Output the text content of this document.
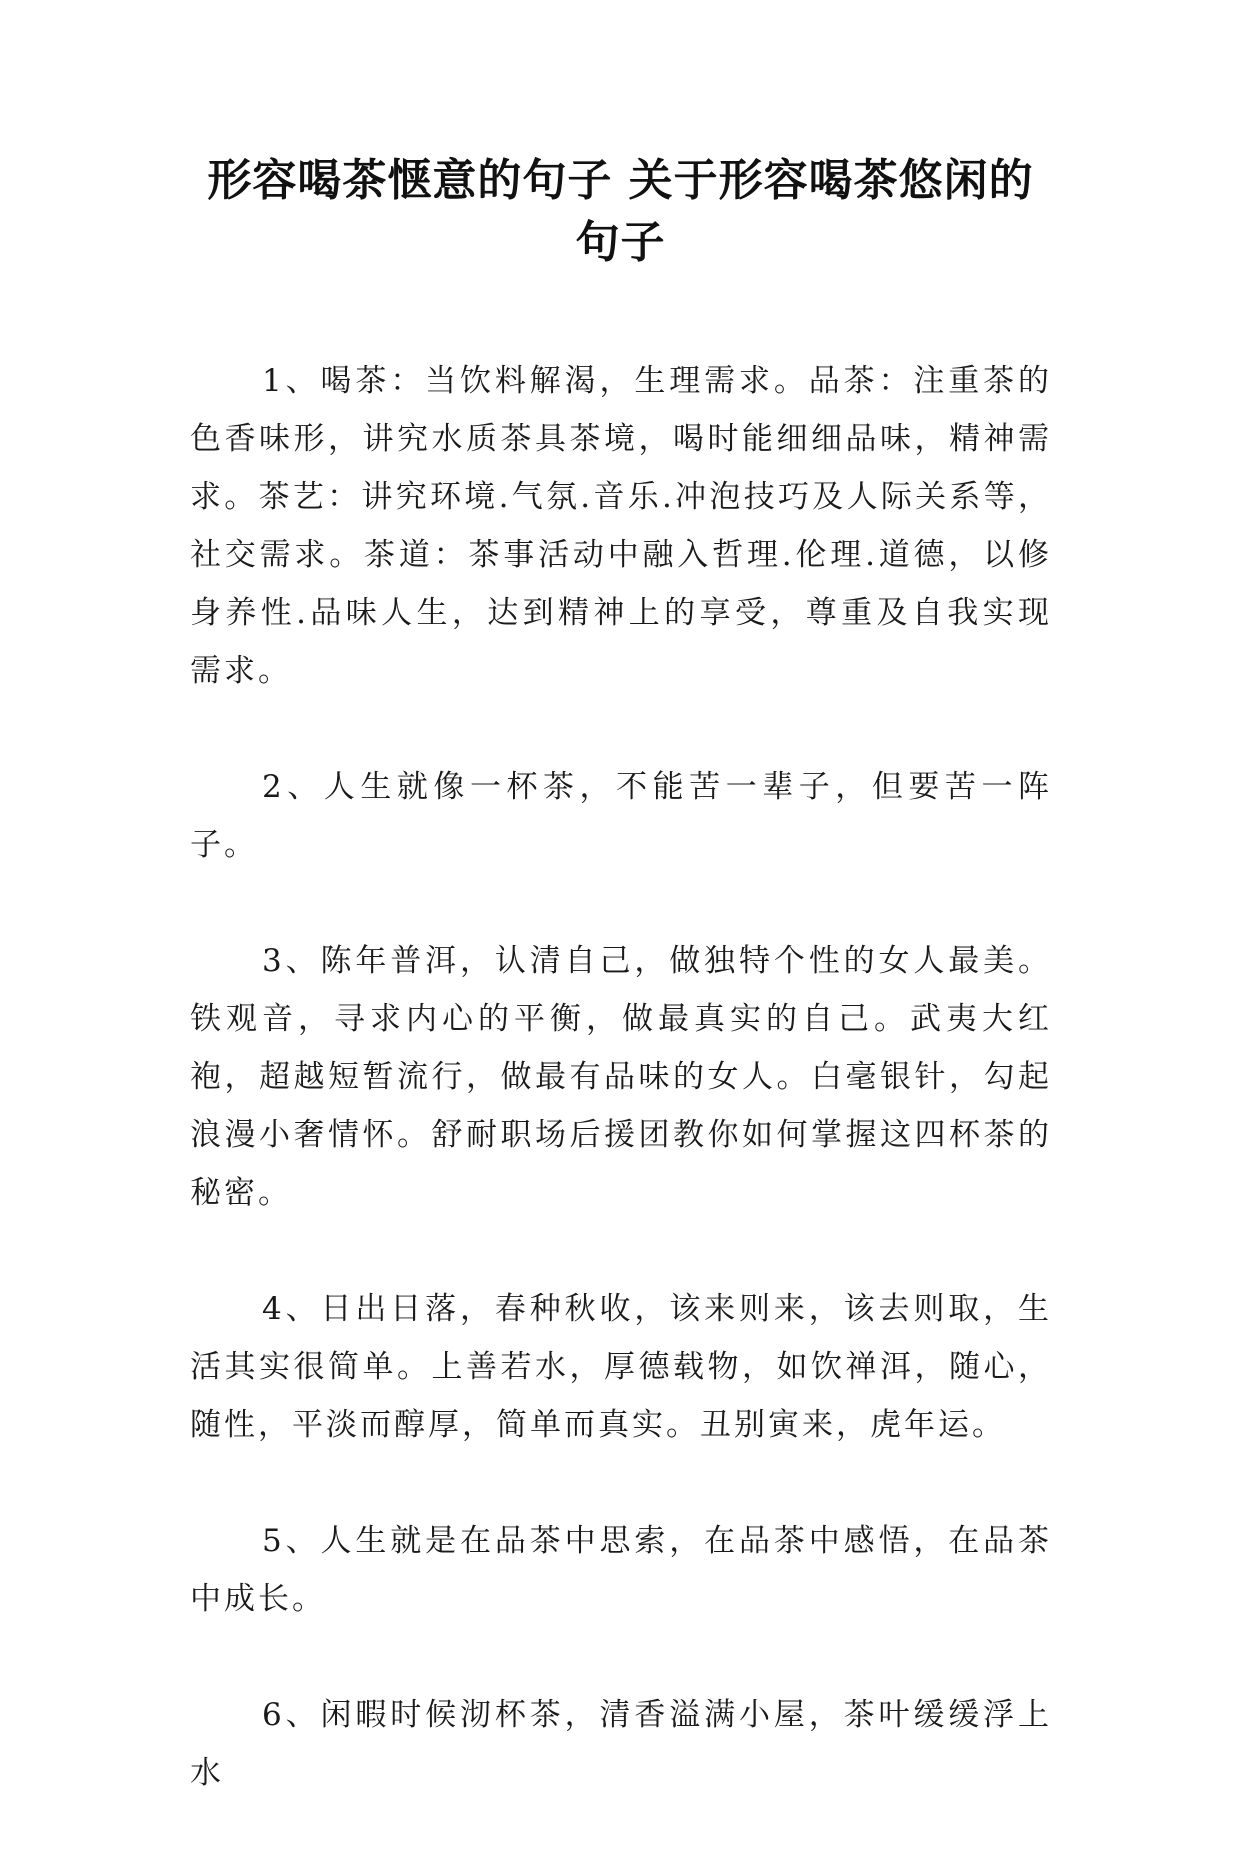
形容喝茶惬意的句子 关于形容喝茶悠闲的句子

1、喝茶：当饮料解渴，生理需求。品茶：注重茶的色香味形，讲究水质茶具茶境，喝时能细细品味，精神需求。茶艺：讲究环境.气氛.音乐.冲泡技巧及人际关系等，社交需求。茶道：茶事活动中融入哲理.伦理.道德，以修身养性.品味人生，达到精神上的享受，尊重及自我实现需求。

2、人生就像一杯茶，不能苦一辈子，但要苦一阵子。

3、陈年普洱，认清自己，做独特个性的女人最美。铁观音，寻求内心的平衡，做最真实的自己。武夷大红袍，超越短暂流行，做最有品味的女人。白毫银针，勾起浪漫小奢情怀。舒耐职场后援团教你如何掌握这四杯茶的秘密。

4、日出日落，春种秋收，该来则来，该去则取，生活其实很简单。上善若水，厚德载物，如饮禅洱，随心，随性，平淡而醇厚，简单而真实。丑别寅来，虎年运。

5、人生就是在品茶中思索，在品茶中感悟，在品茶中成长。

6、闲暇时候沏杯茶，清香溢满小屋，茶叶缓缓浮上水
